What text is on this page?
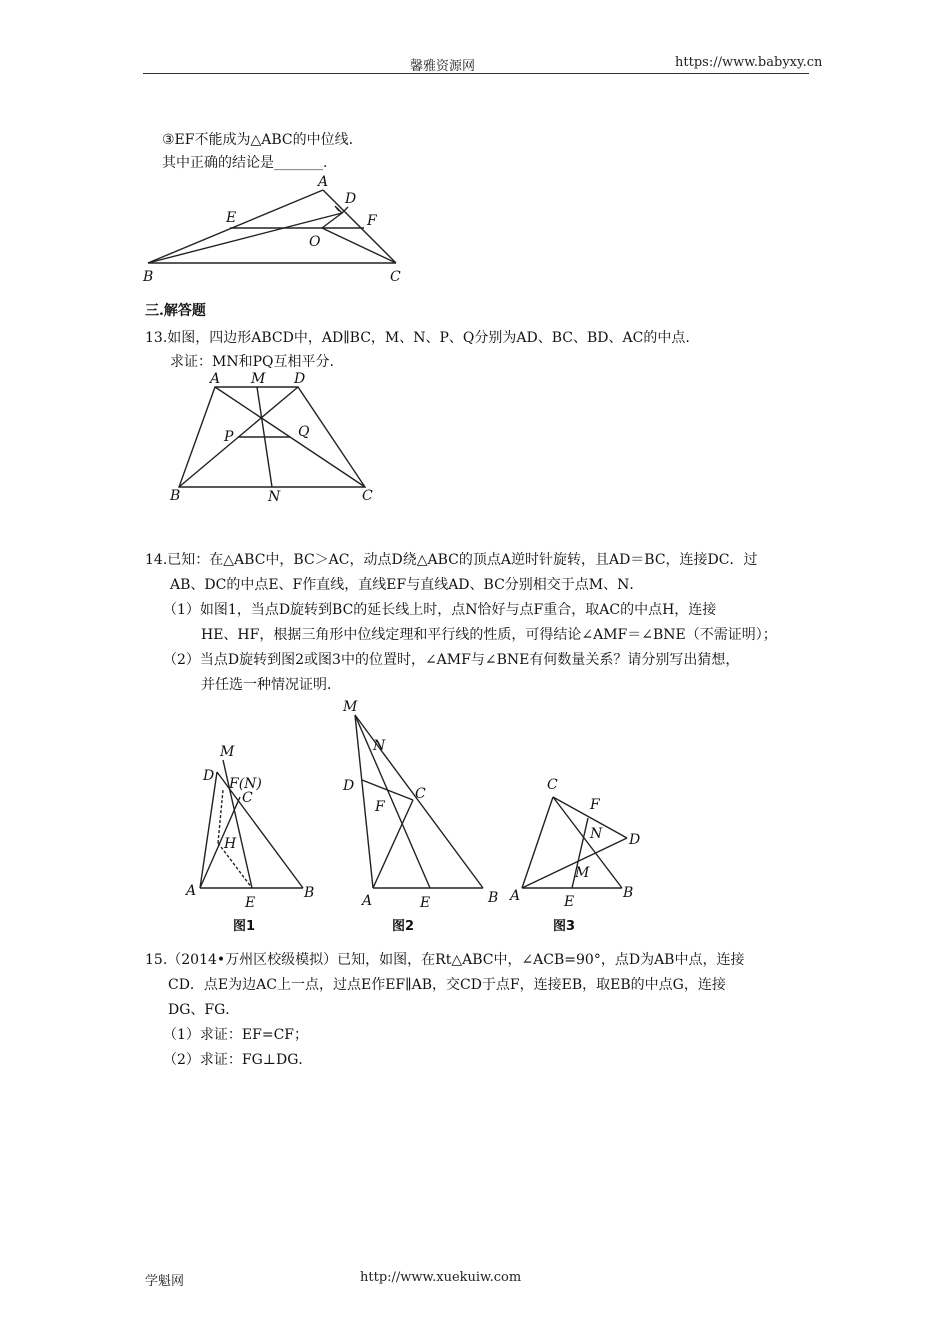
馨雅资源网	https://www.babyxy.cn
③EF不能成为△ABC的中位线.
其中正确的结论是_______.
A
D
E	F
O
B	C
三.解答题
13.如图，四边形ABCD中，AD∥BC，M、N、P、Q分别为AD、BC、BD、AC的中点.
求证：MN和PQ互相平分.
A M D
P	Q
B	N	C
14.已知：在△ABC中，BC＞AC，动点D绕△ABC的顶点A逆时针旋转，且AD＝BC，连接DC．过
AB、DC的中点E、F作直线，直线EF与直线AD、BC分别相交于点M、N．
（1）如图1，当点D旋转到BC的延长线上时，点N恰好与点F重合，取AC的中点H，连接
HE、HF，根据三角形中位线定理和平行线的性质，可得结论∠AMF＝∠BNE（不需证明）；
（2）当点D旋转到图2或图3中的位置时，∠AMF与∠BNE有何数量关系？请分别写出猜想，
并任选一种情况证明．
M
D F(N)
C
H
A
E
B
图1
M
N
D	C
F
A	E	B
图2
C
F
N D
M
A	E
B
图3
15.（2014•万州区校级模拟）已知，如图，在Rt△ABC中，∠ACB=90°，点D为AB中点，连接
CD．点E为边AC上一点，过点E作EF∥AB，交CD于点F，连接EB，取EB的中点G，连接
DG、FG．
（1）求证：EF=CF；
（2）求证：FG⊥DG．
学魁网	http://www.xuekuiw.com
